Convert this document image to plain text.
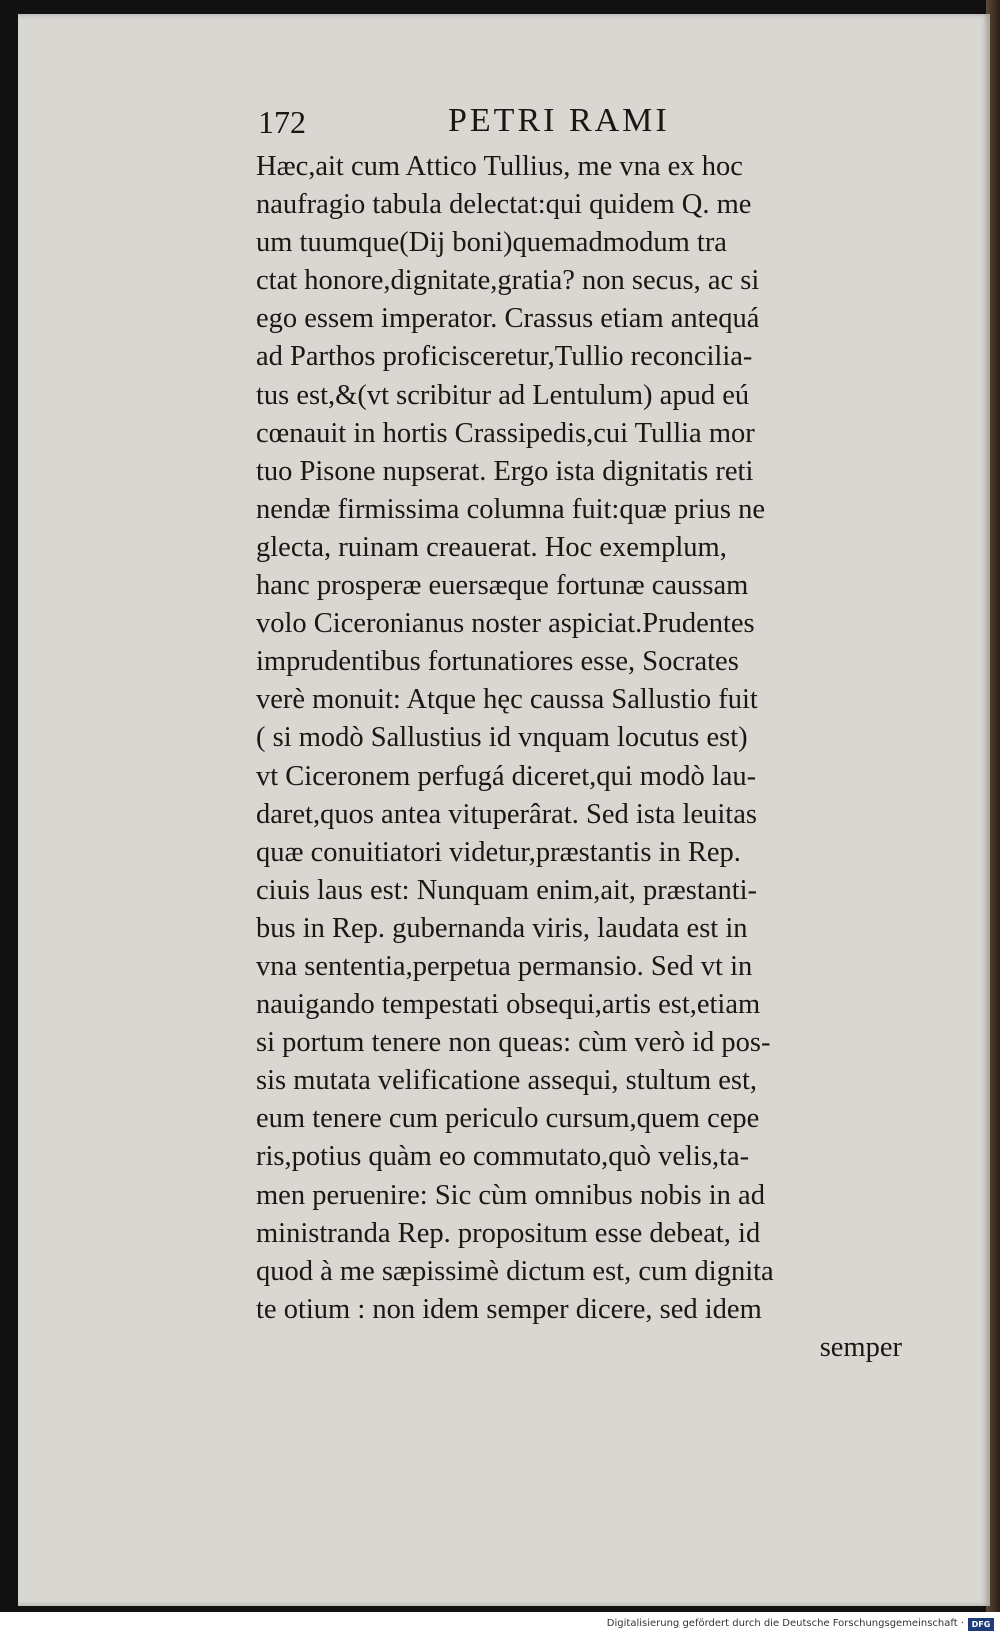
172	PETRI RAMI
Hæc,ait cum Attico Tullius, me vna ex hoc
naufragio tabula delectat:qui quidem Q. me
um tuumque(Dij boni)quemadmodum tra
ctat honore,dignitate,gratia? non secus, ac si
ego essem imperator. Crassus etiam antequá
ad Parthos proficisceretur,Tullio reconcilia-
tus est,&(vt scribitur ad Lentulum) apud eú
cœnauit in hortis Crassipedis,cui Tullia mor
tuo Pisone nupserat. Ergo ista dignitatis reti
nendæ firmissima columna fuit:quæ prius ne
glecta, ruinam creauerat. Hoc exemplum,
hanc prosperæ euersæque fortunæ caussam
volo Ciceronianus noster aspiciat.Prudentes
imprudentibus fortunatiores esse, Socrates
verè monuit: Atque hęc caussa Sallustio fuit
( si modò Sallustius id vnquam locutus est)
vt Ciceronem perfugá diceret,qui modò lau-
daret,quos antea vituperârat. Sed ista leuitas
quæ conuitiatori videtur,præstantis in Rep.
ciuis laus est: Nunquam enim,ait, præstanti-
bus in Rep. gubernanda viris, laudata est in
vna sententia,perpetua permansio. Sed vt in
nauigando tempestati obsequi,artis est,etiam
si portum tenere non queas: cùm verò id pos-
sis mutata velificatione assequi, stultum est,
eum tenere cum periculo cursum,quem cepe
ris,potius quàm eo commutato,quò velis,ta-
men peruenire: Sic cùm omnibus nobis in ad
ministranda Rep. propositum esse debeat, id
quod à me sæpissimè dictum est, cum dignita
te otium : non idem semper dicere, sed idem
semper
Digitalisierung gefördert durch die Deutsche Forschungsgemeinschaft · DFG
